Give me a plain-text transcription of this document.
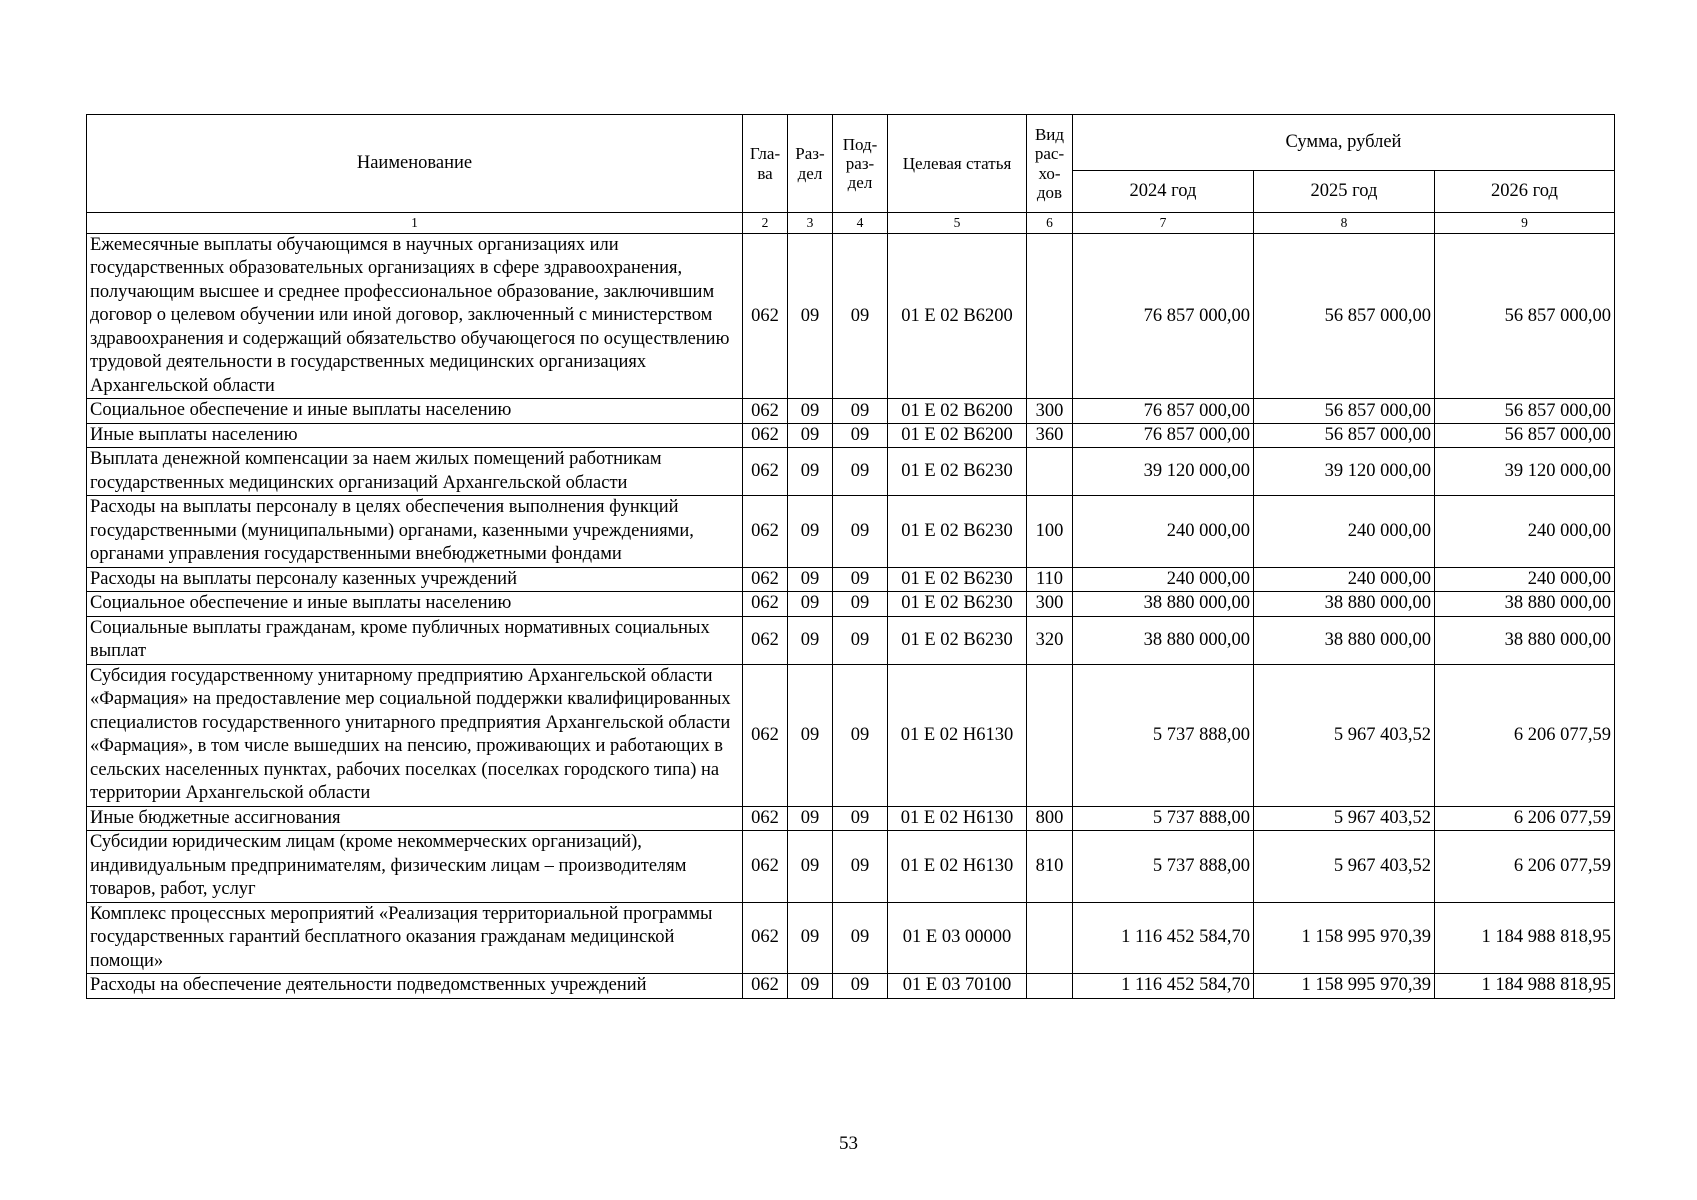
Наименование	Гла-ва	Раз-дел	Под-раз-дел	Целевая статья	Вид рас-хо-дов	Сумма, рублей		
						2024 год	2025 год	2026 год
1	2	3	4	5	6	7	8	9
Ежемесячные выплаты обучающимся в научных организациях или государственных образовательных организациях в сфере здравоохранения, получающим высшее и среднее профессиональное образование, заключившим договор о целевом обучении или иной договор, заключенный с министерством здравоохранения и содержащий обязательство обучающегося по осуществлению трудовой деятельности в государственных медицинских организациях Архангельской области	062	09	09	01 Е 02 В6200		76 857 000,00	56 857 000,00	56 857 000,00
Социальное обеспечение и иные выплаты населению	062	09	09	01 Е 02 В6200	300	76 857 000,00	56 857 000,00	56 857 000,00
Иные выплаты населению	062	09	09	01 Е 02 В6200	360	76 857 000,00	56 857 000,00	56 857 000,00
Выплата денежной компенсации за наем жилых помещений работникам государственных медицинских организаций Архангельской области	062	09	09	01 Е 02 В6230		39 120 000,00	39 120 000,00	39 120 000,00
Расходы на выплаты персоналу в целях обеспечения выполнения функций государственными (муниципальными) органами, казенными учреждениями, органами управления государственными внебюджетными фондами	062	09	09	01 Е 02 В6230	100	240 000,00	240 000,00	240 000,00
Расходы на выплаты персоналу казенных учреждений	062	09	09	01 Е 02 В6230	110	240 000,00	240 000,00	240 000,00
Социальное обеспечение и иные выплаты населению	062	09	09	01 Е 02 В6230	300	38 880 000,00	38 880 000,00	38 880 000,00
Социальные выплаты гражданам, кроме публичных нормативных социальных выплат	062	09	09	01 Е 02 В6230	320	38 880 000,00	38 880 000,00	38 880 000,00
Субсидия государственному унитарному предприятию Архангельской области «Фармация» на предоставление мер социальной поддержки квалифицированных специалистов государственного унитарного предприятия Архангельской области «Фармация», в том числе вышедших на пенсию, проживающих и работающих в сельских населенных пунктах, рабочих поселках (поселках городского типа) на территории Архангельской области	062	09	09	01 Е 02 Н6130		5 737 888,00	5 967 403,52	6 206 077,59
Иные бюджетные ассигнования	062	09	09	01 Е 02 Н6130	800	5 737 888,00	5 967 403,52	6 206 077,59
Субсидии юридическим лицам (кроме некоммерческих организаций), индивидуальным предпринимателям, физическим лицам – производителям товаров, работ, услуг	062	09	09	01 Е 02 Н6130	810	5 737 888,00	5 967 403,52	6 206 077,59
Комплекс процессных мероприятий «Реализация территориальной программы государственных гарантий бесплатного оказания гражданам медицинской помощи»	062	09	09	01 Е 03 00000		1 116 452 584,70	1 158 995 970,39	1 184 988 818,95
Расходы на обеспечение деятельности подведомственных учреждений	062	09	09	01 Е 03 70100		1 116 452 584,70	1 158 995 970,39	1 184 988 818,95
53
